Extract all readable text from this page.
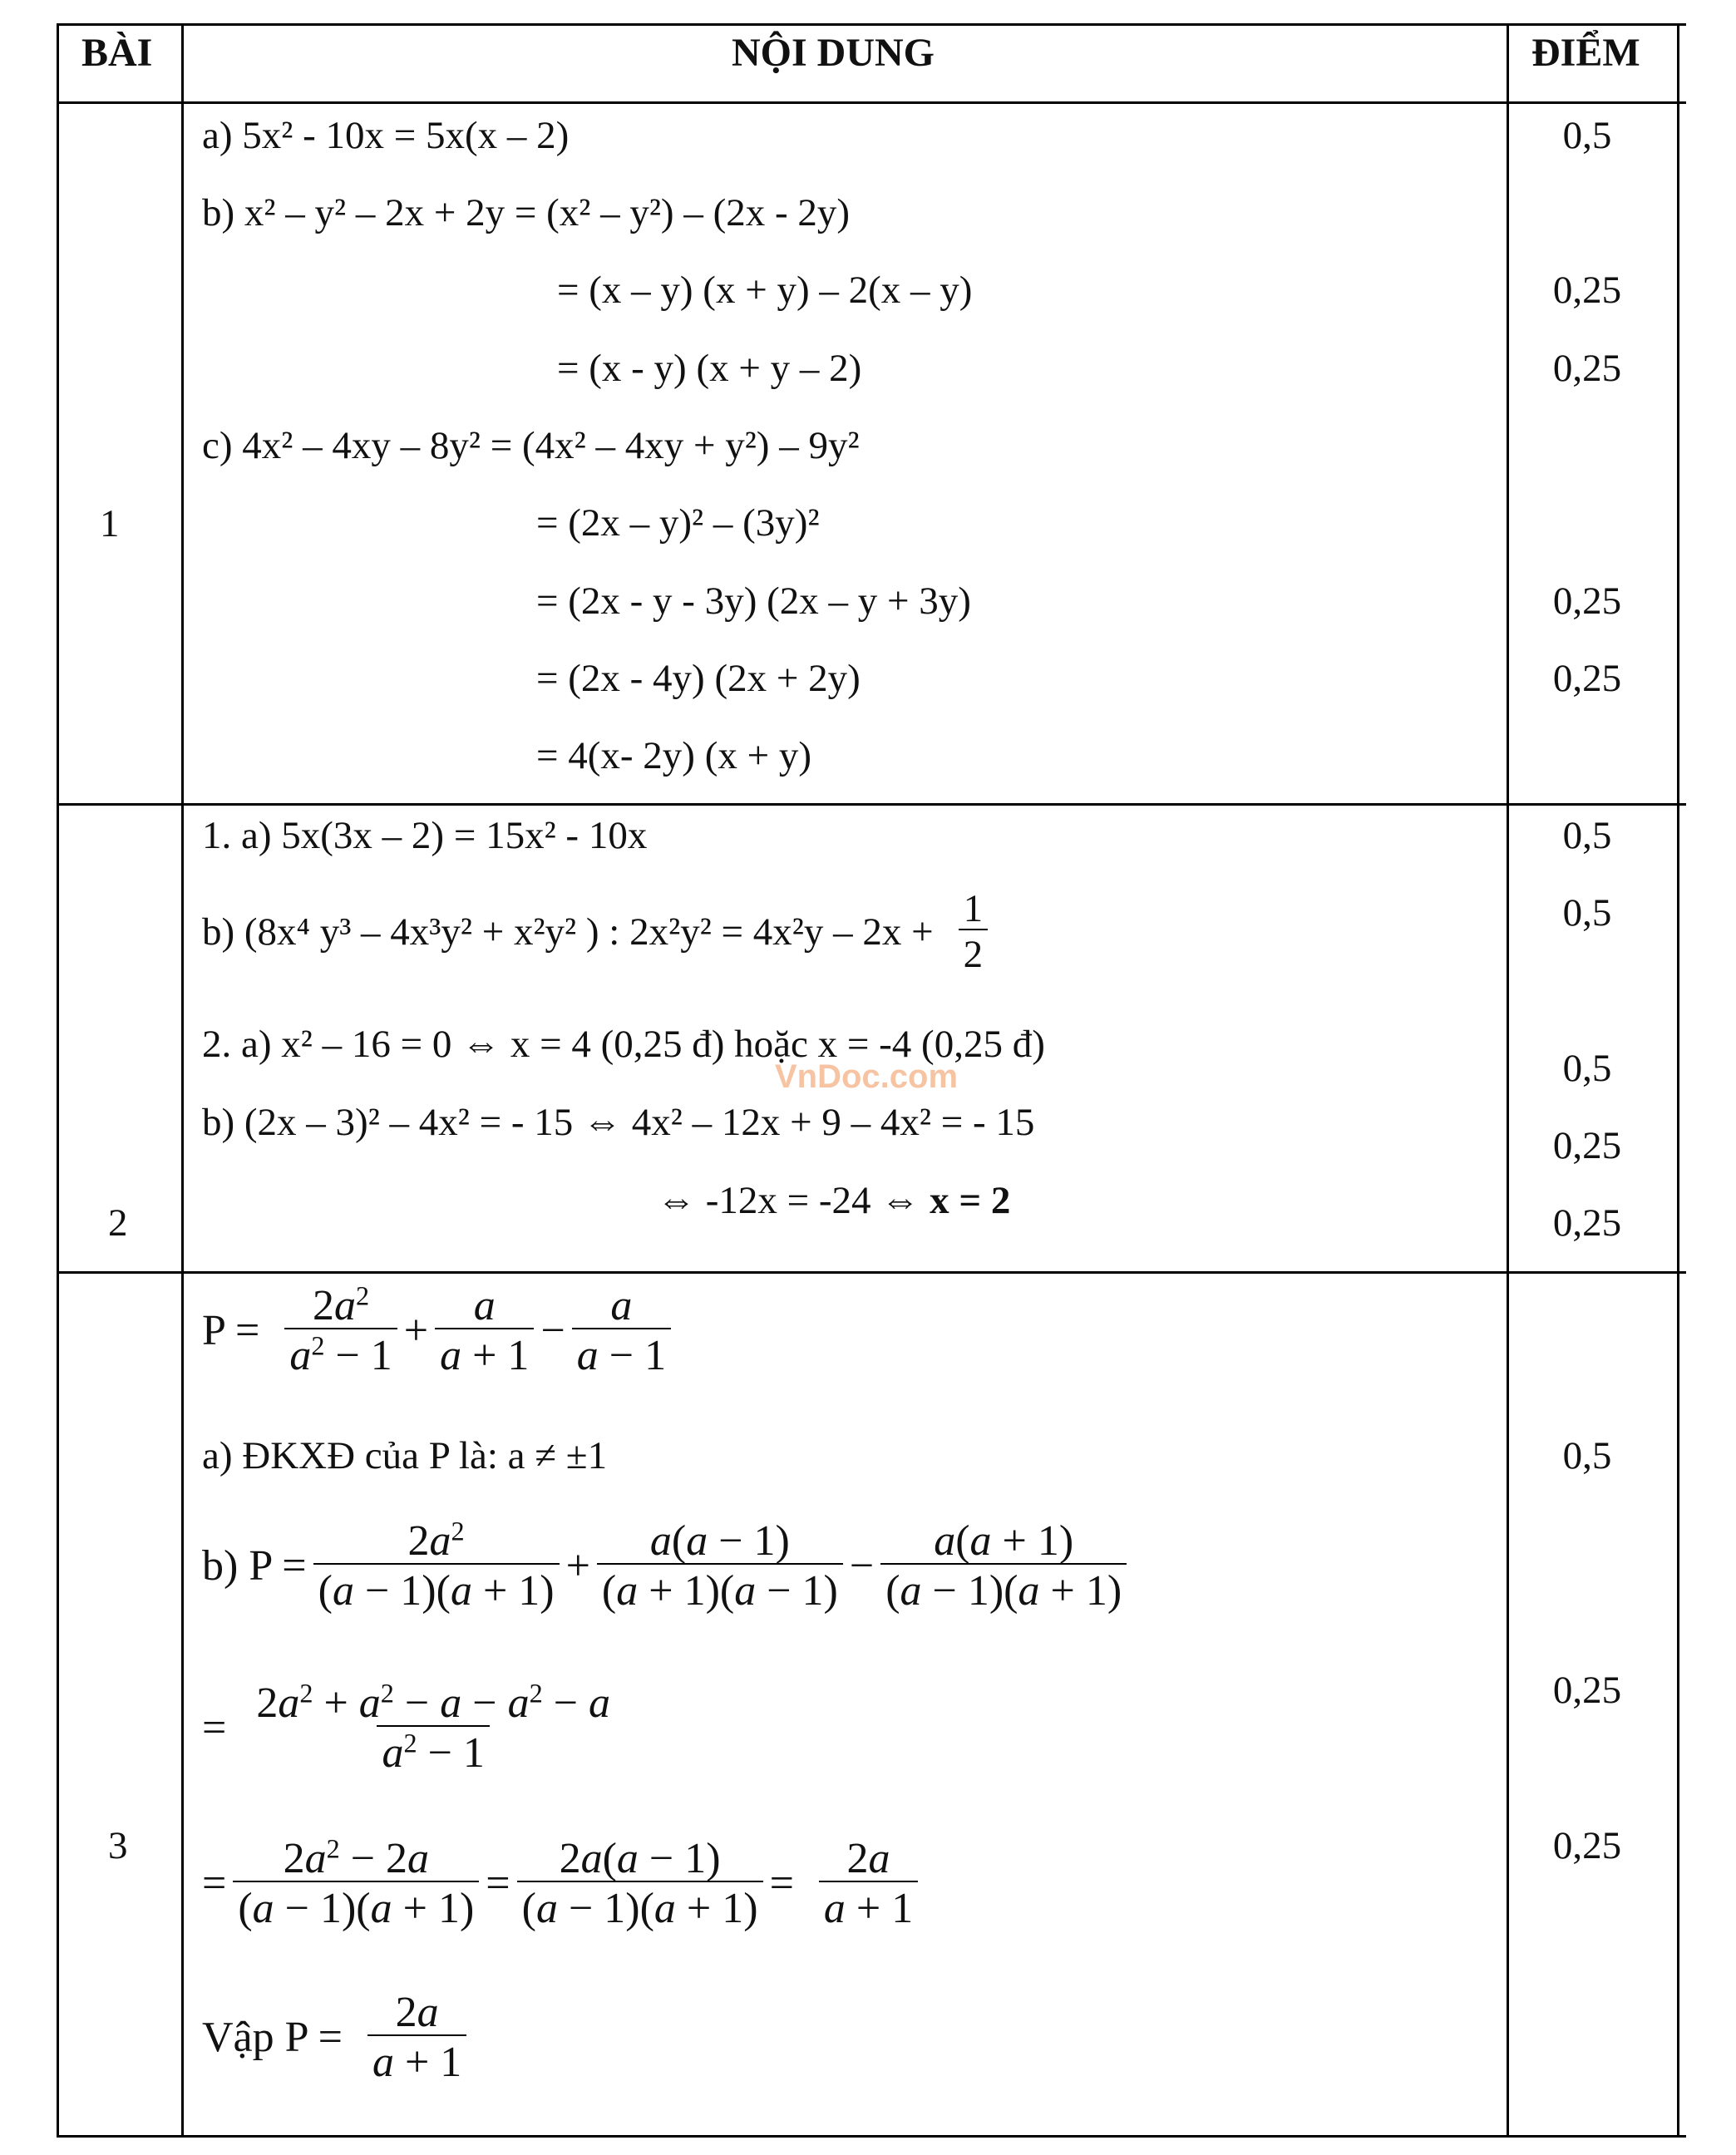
BÀI	NỘI DUNG	ĐIỂM
1
2
3
a) 5x² - 10x = 5x(x – 2)
b) x² – y² – 2x + 2y = (x² – y²) – (2x - 2y)
= (x – y) (x + y) – 2(x – y)
= (x - y) (x + y – 2)
c) 4x² – 4xy – 8y² = (4x² – 4xy + y²) – 9y²
= (2x – y)² – (3y)²
= (2x - y - 3y) (2x – y + 3y)
= (2x - 4y) (2x + 2y)
= 4(x- 2y) (x + y)
0,5
0,25
0,25
0,25
0,25
1. a) 5x(3x – 2) = 15x² - 10x
b) (8x⁴ y³ – 4x³y² + x²y² ) : $2x^2y^2 = 4x^2y - 2x + \frac{1}{2}$
2. a) x² – 16 = 0 ⇔ x = 4 (0,25 đ) hoặc x = -4 (0,25 đ)
b) (2x – 3)² – 4x² = - 15 ⇔ 4x² – 12x + 9 – 4x² = - 15
⇔ -12x = -24 ⇔ x = 2
0,5
0,5
0,5
0,25
0,25
VnDoc.com
$P = \frac{2a^2}{a^2 - 1} + \frac{a}{a + 1} - \frac{a}{a - 1}$
a) ĐKXĐ của P là: a ≠ ±1
b) $P = \frac{2a^2}{(a - 1)(a + 1)} + \frac{a(a - 1)}{(a + 1)(a - 1)} - \frac{a(a + 1)}{(a - 1)(a + 1)}$
= $\frac{2a^2 + a^2 - a - a^2 - a}{a^2 - 1}$
= $\frac{2a^2 - 2a}{(a - 1)(a + 1)} = \frac{2a(a - 1)}{(a - 1)(a + 1)} = \frac{2a}{a + 1}$
Vập $P = \frac{2a}{a + 1}$
0,5
0,25
0,25
